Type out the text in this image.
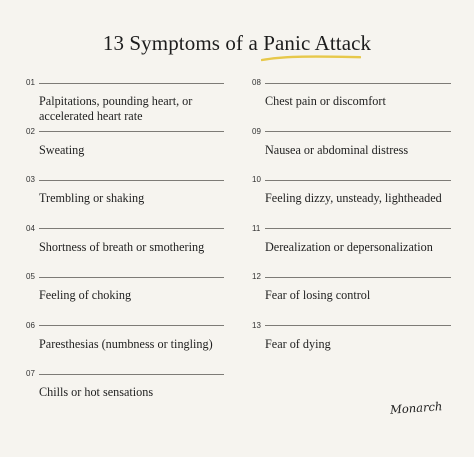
13 Symptoms of a Panic Attack
01
Palpitations, pounding heart, or
accelerated heart rate
02
Sweating
03
Trembling or shaking
04
Shortness of breath or smothering
05
Feeling of choking
06
Paresthesias (numbness or tingling)
07
Chills or hot sensations
08
Chest pain or discomfort
09
Nausea or abdominal distress
10
Feeling dizzy, unsteady, lightheaded
11
Derealization or depersonalization
12
Fear of losing control
13
Fear of dying
Monarch
